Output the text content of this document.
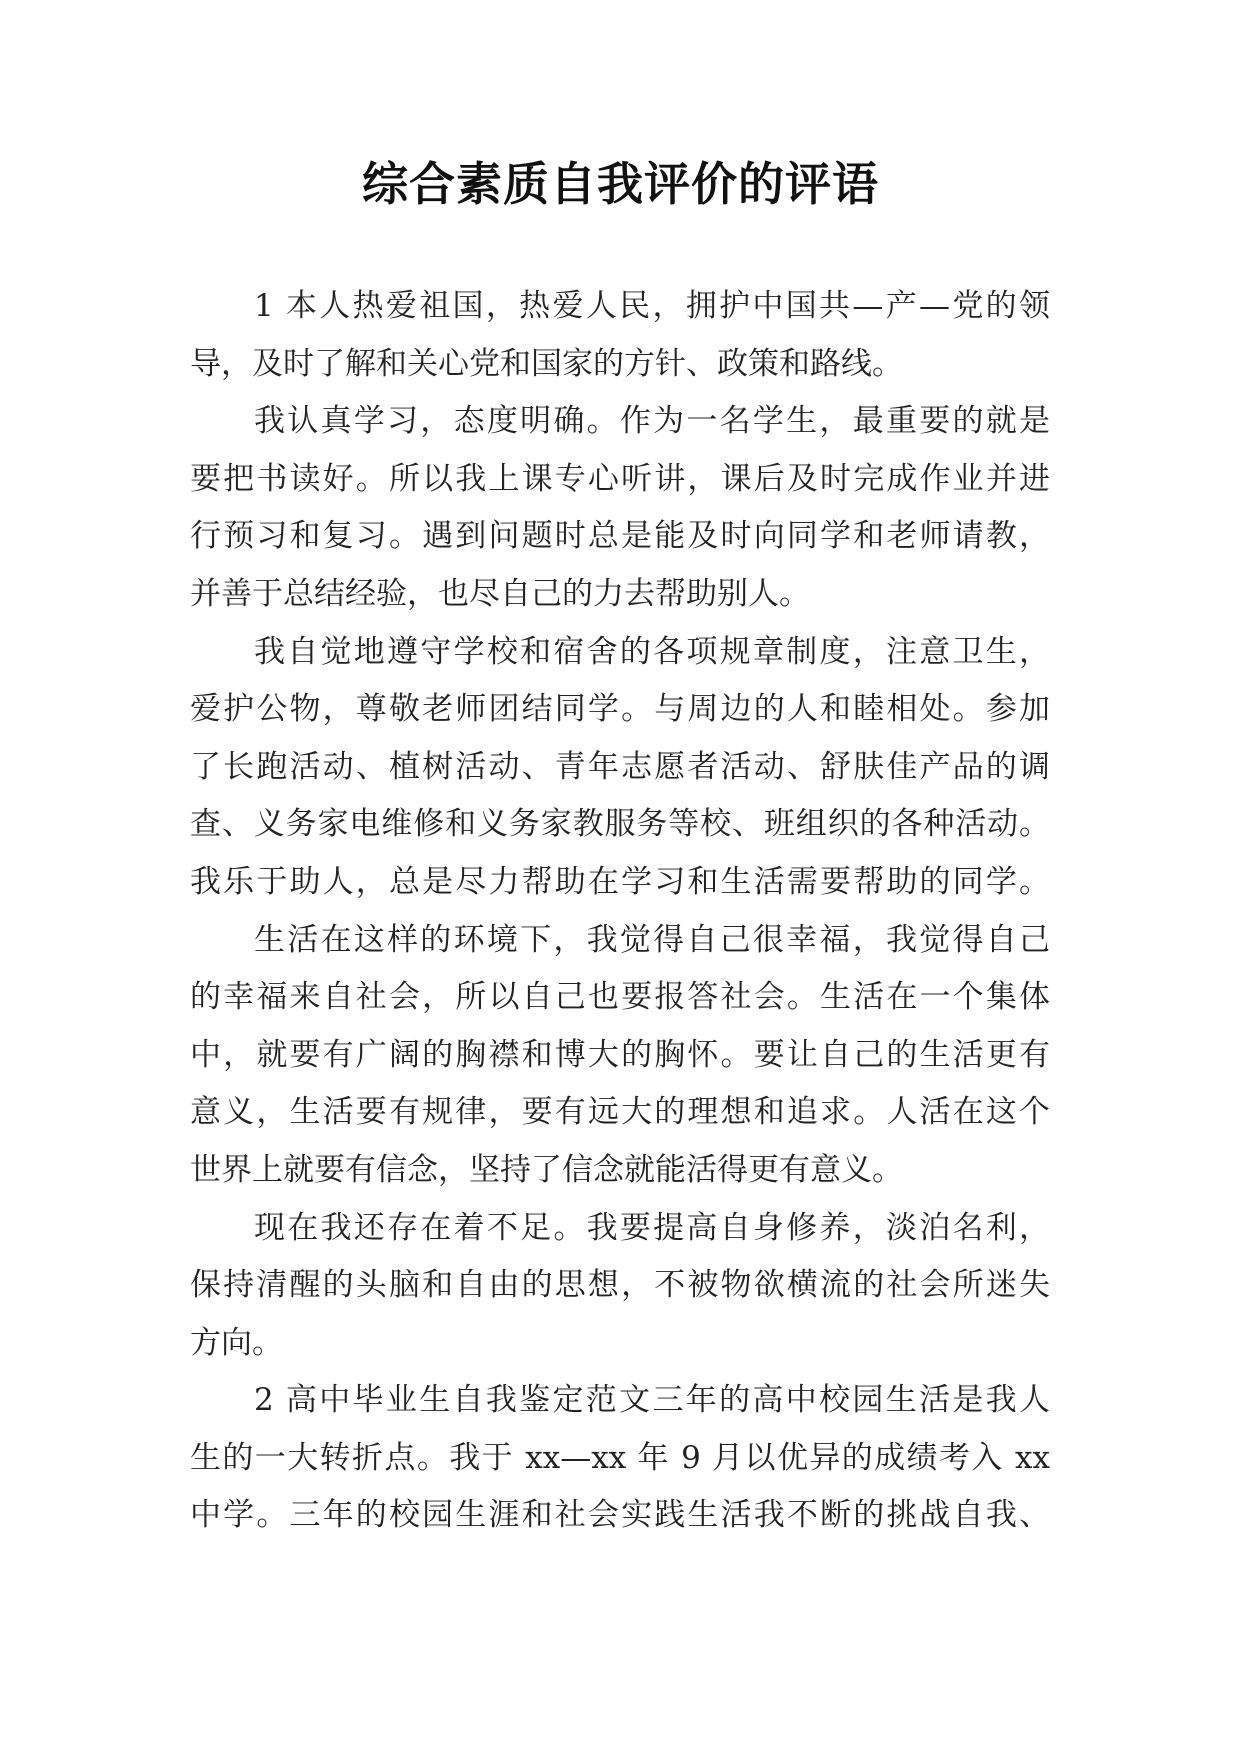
综合素质自我评价的评语
1 本人热爱祖国，热爱人民，拥护中国共—产—党的领
导，及时了解和关心党和国家的方针、政策和路线。
我认真学习，态度明确。作为一名学生，最重要的就是
要把书读好。所以我上课专心听讲，课后及时完成作业并进
行预习和复习。遇到问题时总是能及时向同学和老师请教，
并善于总结经验，也尽自己的力去帮助别人。
我自觉地遵守学校和宿舍的各项规章制度，注意卫生，
爱护公物，尊敬老师团结同学。与周边的人和睦相处。参加
了长跑活动、植树活动、青年志愿者活动、舒肤佳产品的调
查、义务家电维修和义务家教服务等校、班组织的各种活动。
我乐于助人，总是尽力帮助在学习和生活需要帮助的同学。
生活在这样的环境下，我觉得自己很幸福，我觉得自己
的幸福来自社会，所以自己也要报答社会。生活在一个集体
中，就要有广阔的胸襟和博大的胸怀。要让自己的生活更有
意义，生活要有规律，要有远大的理想和追求。人活在这个
世界上就要有信念，坚持了信念就能活得更有意义。
现在我还存在着不足。我要提高自身修养，淡泊名利，
保持清醒的头脑和自由的思想，不被物欲横流的社会所迷失
方向。
2 高中毕业生自我鉴定范文三年的高中校园生活是我人
生的一大转折点。我于 xx—xx 年 9 月以优异的成绩考入 xx
中学。三年的校园生涯和社会实践生活我不断的挑战自我、
